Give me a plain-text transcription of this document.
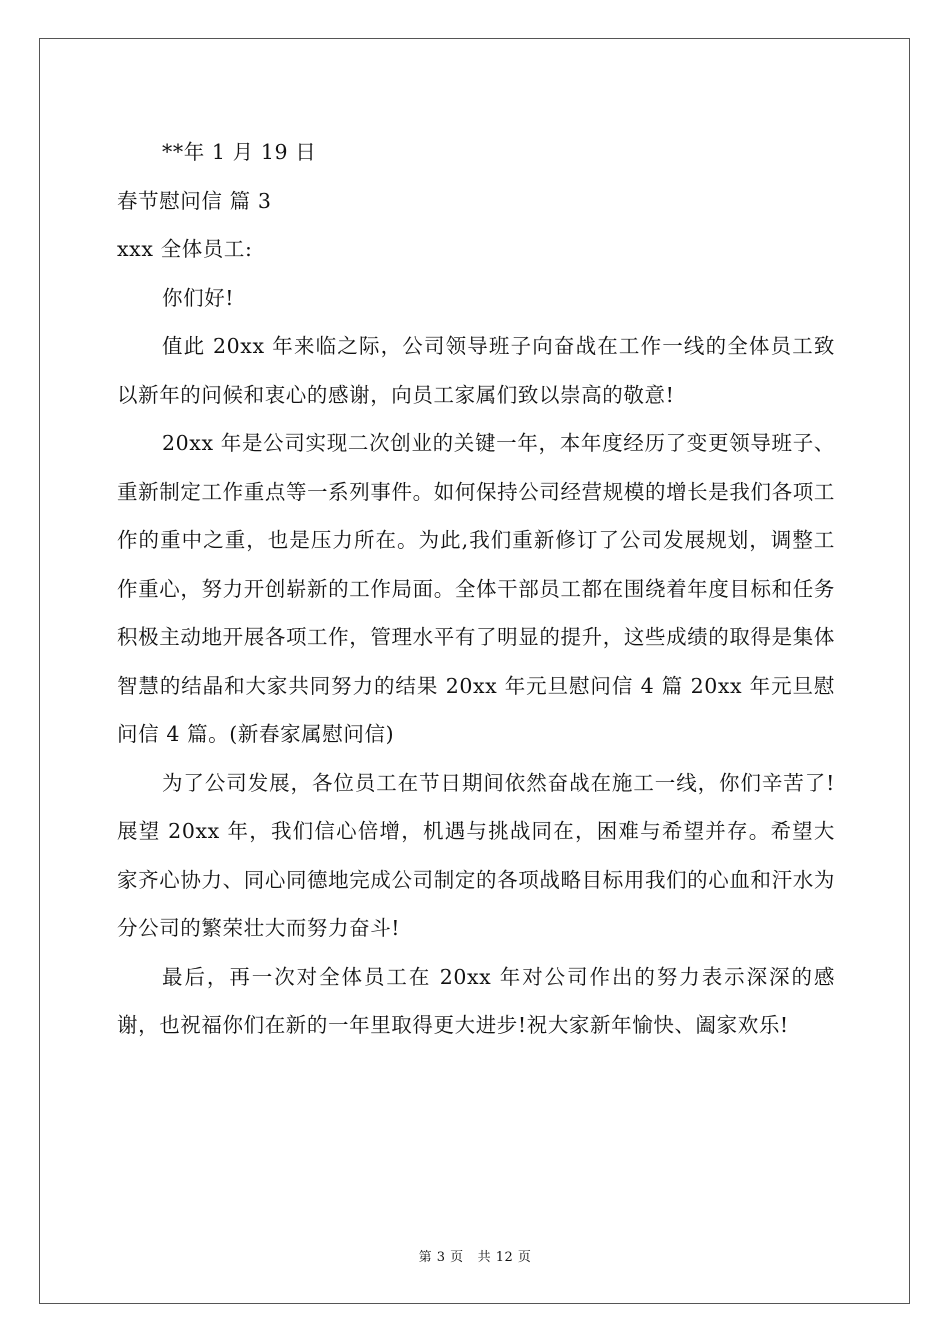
**年 1 月 19 日

春节慰问信 篇 3

xxx 全体员工:

你们好!

值此 20xx 年来临之际，公司领导班子向奋战在工作一线的全体员工致以新年的问候和衷心的感谢，向员工家属们致以崇高的敬意!

20xx 年是公司实现二次创业的关键一年，本年度经历了变更领导班子、重新制定工作重点等一系列事件。如何保持公司经营规模的增长是我们各项工作的重中之重，也是压力所在。为此,我们重新修订了公司发展规划，调整工作重心，努力开创崭新的工作局面。全体干部员工都在围绕着年度目标和任务积极主动地开展各项工作，管理水平有了明显的提升，这些成绩的取得是集体智慧的结晶和大家共同努力的结果 20xx 年元旦慰问信 4 篇 20xx 年元旦慰问信 4 篇。(新春家属慰问信)

为了公司发展，各位员工在节日期间依然奋战在施工一线，你们辛苦了!展望 20xx 年，我们信心倍增，机遇与挑战同在，困难与希望并存。希望大家齐心协力、同心同德地完成公司制定的各项战略目标用我们的心血和汗水为分公司的繁荣壮大而努力奋斗!

最后，再一次对全体员工在 20xx 年对公司作出的努力表示深深的感谢，也祝福你们在新的一年里取得更大进步!祝大家新年愉快、阖家欢乐!

第 3 页 共 12 页
